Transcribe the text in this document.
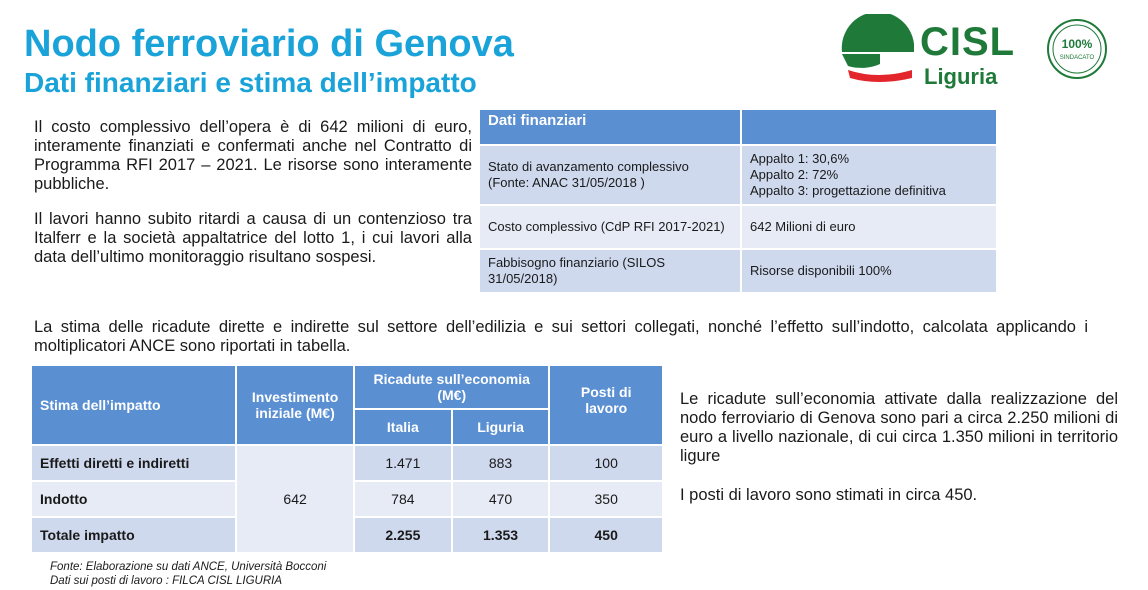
Nodo ferroviario di Genova
Dati finanziari e stima dell’impatto
CISL
Liguria
100%
SINDACATO
Il costo complessivo dell’opera è di 642 milioni di euro, interamente finanziati e confermati anche nel Contratto di Programma RFI 2017 – 2021. Le risorse sono interamente pubbliche.
Il lavori hanno subito ritardi a causa di un contenzioso tra Italferr e la società appaltatrice del lotto 1, i cui lavori alla data dell’ultimo monitoraggio risultano sospesi.
Dati finanziari	
Stato di avanzamento complessivo (Fonte: ANAC 31/05/2018 )	Appalto 1: 30,6%
Appalto 2: 72%
Appalto 3: progettazione definitiva

Costo complessivo (CdP RFI 2017-2021)	642 Milioni di euro
Fabbisogno finanziario (SILOS 31/05/2018)	Risorse disponibili 100%
La stima delle ricadute dirette e indirette sul settore dell’edilizia e sui settori collegati, nonché l’effetto sull’indotto, calcolata applicando i moltiplicatori ANCE sono riportati in tabella.
Stima dell’impatto	Investimento iniziale (M€)	Ricadute sull’economia (M€)		Posti di lavoro
		Italia	Liguria	
Effetti diretti e indiretti	642	1.471	883	100
Indotto		784	470	350
Totale impatto		2.255	1.353	450
Le ricadute sull’economia attivate dalla realizzazione del nodo ferroviario di Genova sono pari a circa 2.250 milioni di euro a livello nazionale, di cui circa 1.350 milioni in territorio ligure
I posti di lavoro sono stimati in circa 450.
Fonte: Elaborazione su dati ANCE, Università Bocconi
Dati sui posti di lavoro : FILCA CISL LIGURIA
